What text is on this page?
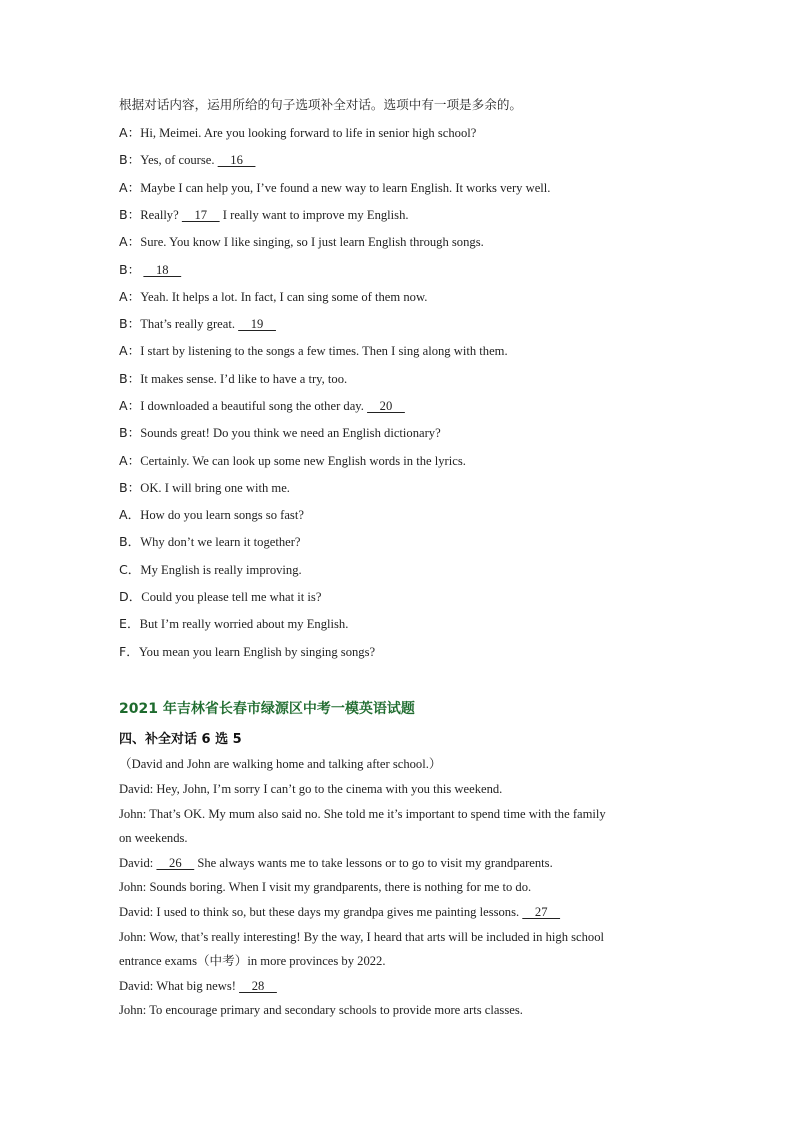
根据对话内容，运用所给的句子选项补全对话。选项中有一项是多余的。
A：Hi, Meimei. Are you looking forward to life in senior high school?
B：Yes, of course.     16
A：Maybe I can help you, I’ve found a new way to learn English. It works very well.
B：Really?     17     I really want to improve my English.
A：Sure. You know I like singing, so I just learn English through songs.
B：     18
A：Yeah. It helps a lot. In fact, I can sing some of them now.
B：That’s really great.     19
A：I start by listening to the songs a few times. Then I sing along with them.
B：It makes sense. I’d like to have a try, too.
A：I downloaded a beautiful song the other day.     20
B：Sounds great! Do you think we need an English dictionary?
A：Certainly. We can look up some new English words in the lyrics.
B：OK. I will bring one with me.
A．How do you learn songs so fast?
B．Why don’t we learn it together?
C．My English is really improving.
D．Could you please tell me what it is?
E．But I’m really worried about my English.
F．You mean you learn English by singing songs?
2021 年吉林省长春市绿源区中考一模英语试题
四、补全对话 6 选 5
（David and John are walking home and talking after school.）
David: Hey, John, I’m sorry I can’t go to the cinema with you this weekend.
John: That’s OK. My mum also said no. She told me it’s important to spend time with the family
on weekends.
David:     26     She always wants me to take lessons or to go to visit my grandparents.
John: Sounds boring. When I visit my grandparents, there is nothing for me to do.
David: I used to think so, but these days my grandpa gives me painting lessons.     27
John: Wow, that’s really interesting! By the way, I heard that arts will be included in high school
entrance exams（中考）in more provinces by 2022.
David: What big news!     28
John: To encourage primary and secondary schools to provide more arts classes.
